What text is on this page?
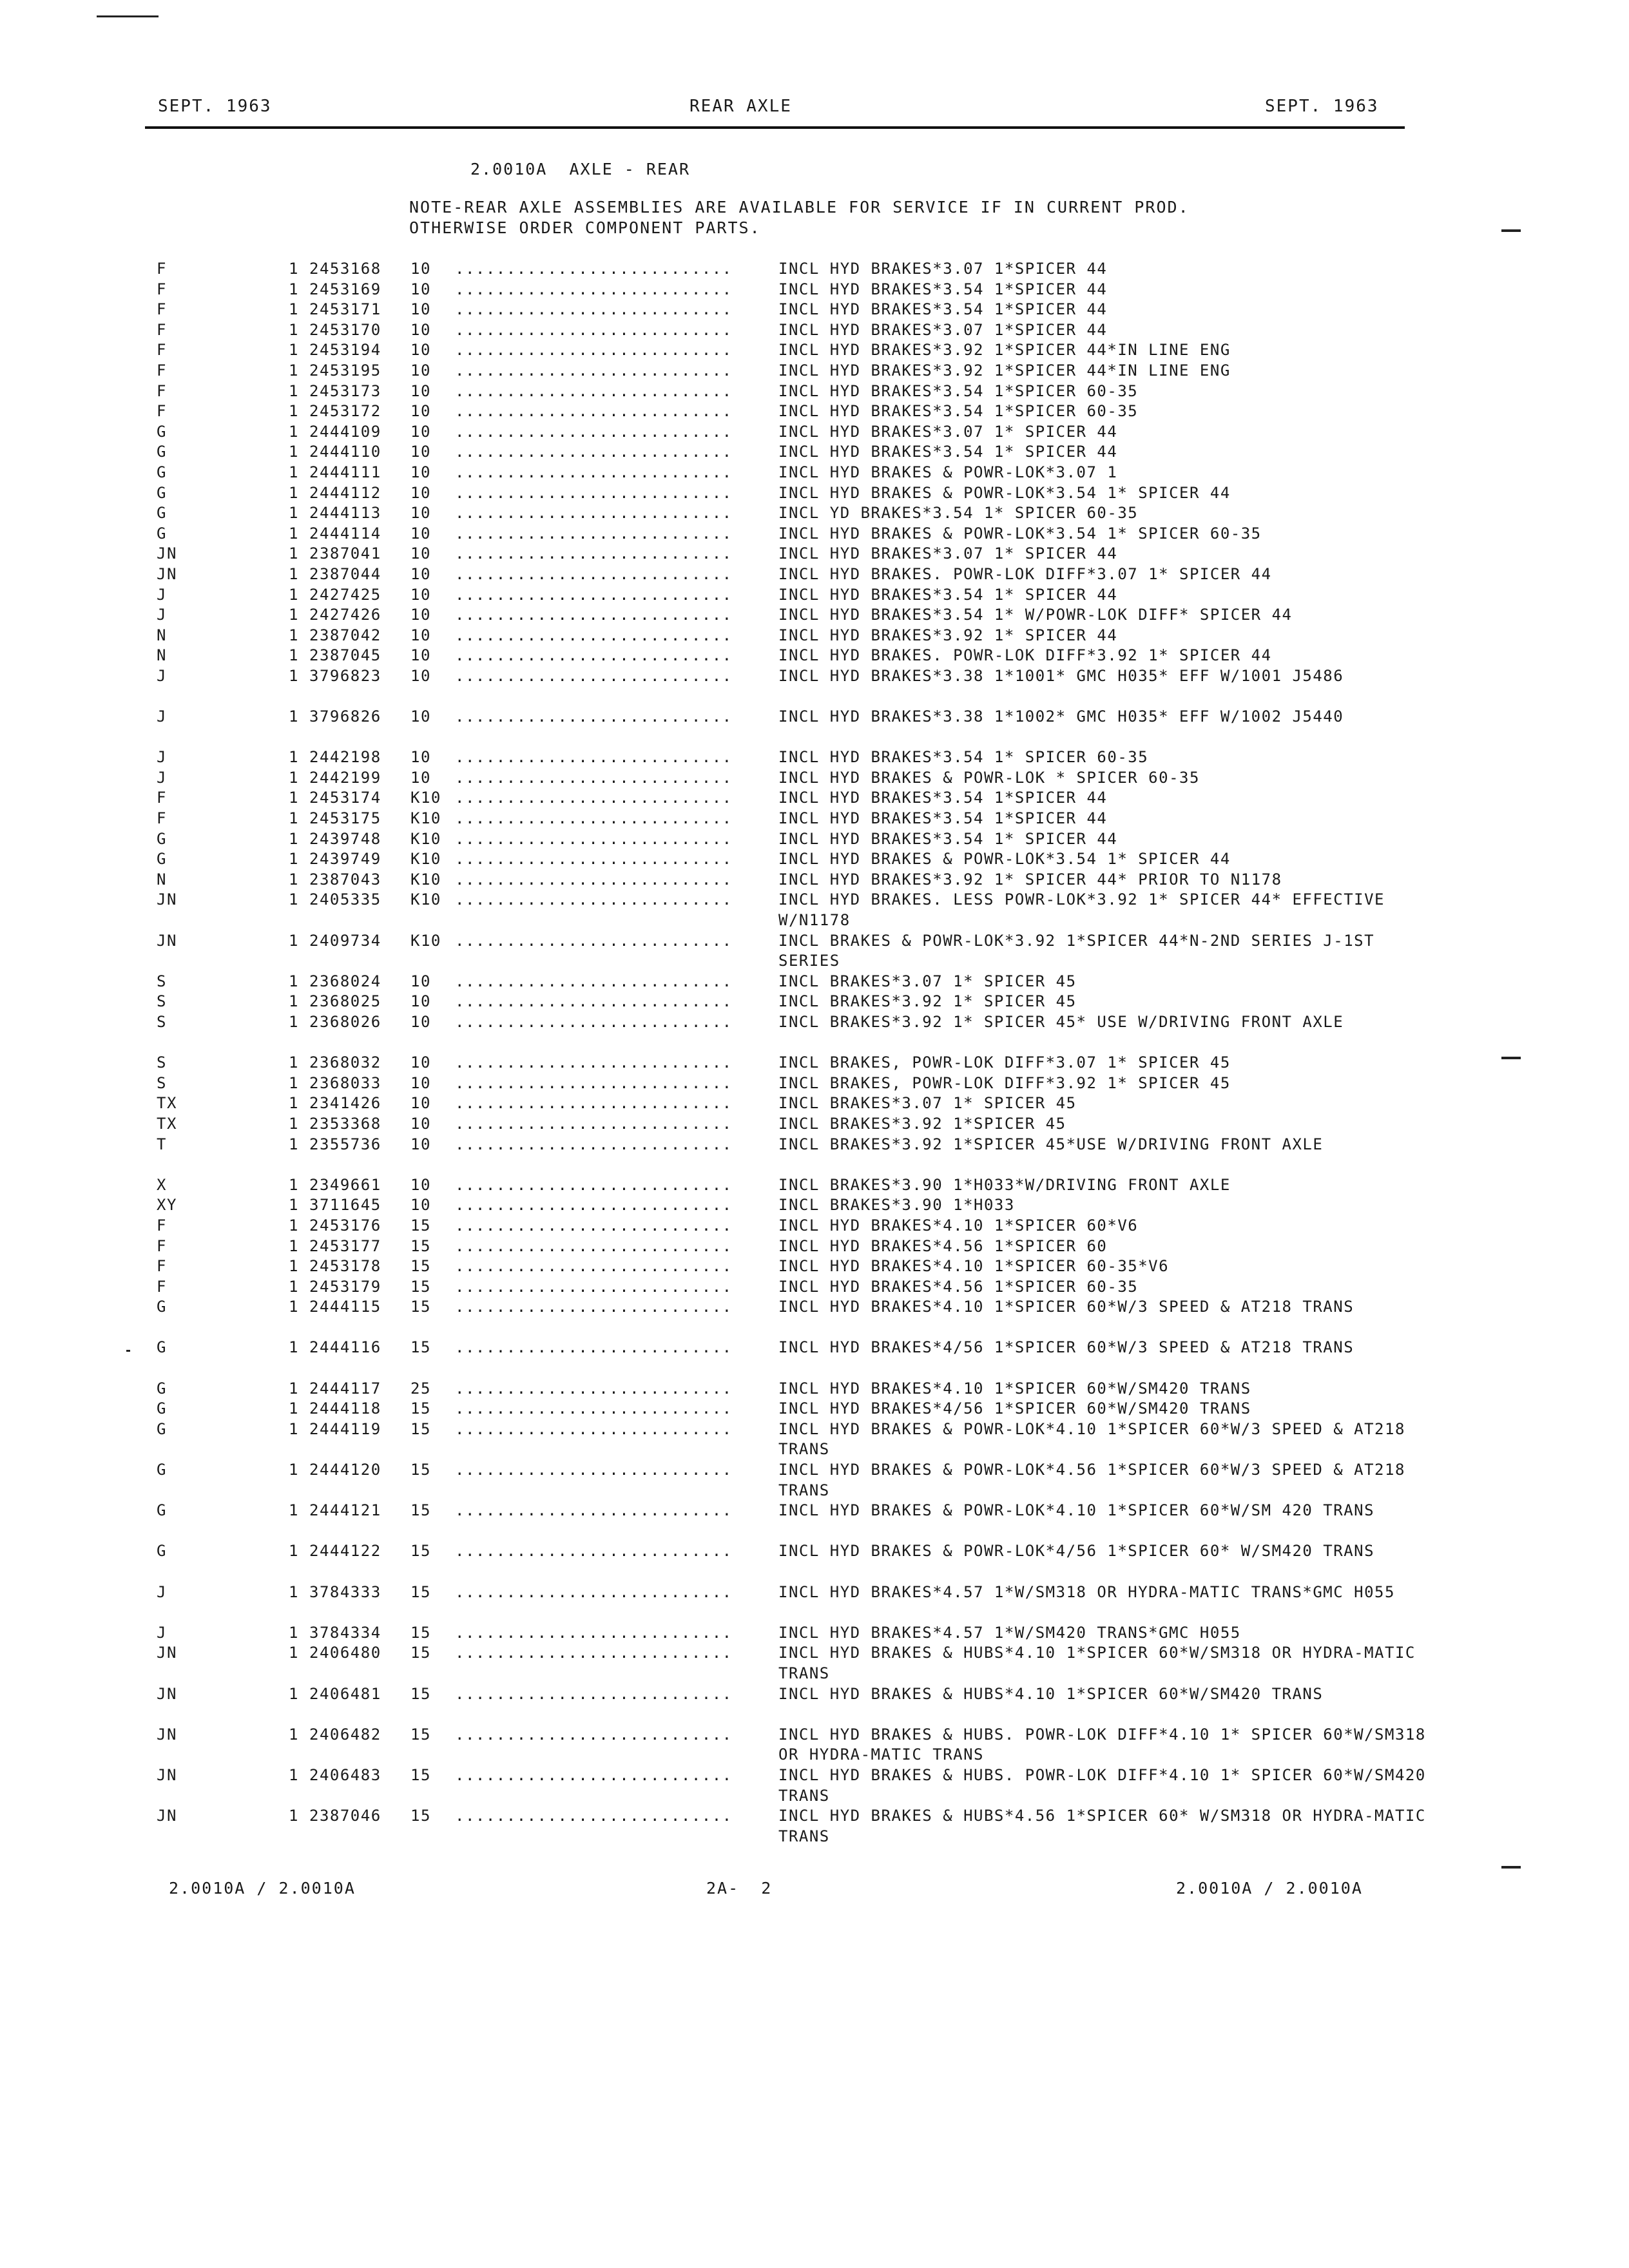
SEPT. 1963	REAR AXLE	SEPT. 1963
2.0010A  AXLE - REAR
NOTE-REAR AXLE ASSEMBLIES ARE AVAILABLE FOR SERVICE IF IN CURRENT PROD.
OTHERWISE ORDER COMPONENT PARTS.
F	1 2453168 10 ...........................	INCL HYD BRAKES*3.07 1*SPICER 44
F	1 2453169 10 ...........................	INCL HYD BRAKES*3.54 1*SPICER 44
F	1 2453171 10 ...........................	INCL HYD BRAKES*3.54 1*SPICER 44
F	1 2453170 10 ...........................	INCL HYD BRAKES*3.07 1*SPICER 44
F	1 2453194 10 ...........................	INCL HYD BRAKES*3.92 1*SPICER 44*IN LINE ENG
F	1 2453195 10 ...........................	INCL HYD BRAKES*3.92 1*SPICER 44*IN LINE ENG
F	1 2453173 10 ...........................	INCL HYD BRAKES*3.54 1*SPICER 60-35
F	1 2453172 10 ...........................	INCL HYD BRAKES*3.54 1*SPICER 60-35
G	1 2444109 10 ...........................	INCL HYD BRAKES*3.07 1* SPICER 44
G	1 2444110 10 ...........................	INCL HYD BRAKES*3.54 1* SPICER 44
G	1 2444111 10 ...........................	INCL HYD BRAKES & POWR-LOK*3.07 1
G	1 2444112 10 ...........................	INCL HYD BRAKES & POWR-LOK*3.54 1* SPICER 44
G	1 2444113 10 ...........................	INCL YD BRAKES*3.54 1* SPICER 60-35
G	1 2444114 10 ...........................	INCL HYD BRAKES & POWR-LOK*3.54 1* SPICER 60-35
JN	1 2387041 10 ...........................	INCL HYD BRAKES*3.07 1* SPICER 44
JN	1 2387044 10 ...........................	INCL HYD BRAKES. POWR-LOK DIFF*3.07 1* SPICER 44
J	1 2427425 10 ...........................	INCL HYD BRAKES*3.54 1* SPICER 44
J	1 2427426 10 ...........................	INCL HYD BRAKES*3.54 1* W/POWR-LOK DIFF* SPICER 44
N	1 2387042 10 ...........................	INCL HYD BRAKES*3.92 1* SPICER 44
N	1 2387045 10 ...........................	INCL HYD BRAKES. POWR-LOK DIFF*3.92 1* SPICER 44
J	1 3796823 10 ...........................	INCL HYD BRAKES*3.38 1*1001* GMC H035* EFF W/1001 J5486
J	1 3796826 10 ...........................	INCL HYD BRAKES*3.38 1*1002* GMC H035* EFF W/1002 J5440
J	1 2442198 10 ...........................	INCL HYD BRAKES*3.54 1* SPICER 60-35
J	1 2442199 10 ...........................	INCL HYD BRAKES & POWR-LOK * SPICER 60-35
F	1 2453174 K10 ...........................	INCL HYD BRAKES*3.54 1*SPICER 44
F	1 2453175 K10 ...........................	INCL HYD BRAKES*3.54 1*SPICER 44
G	1 2439748 K10 ...........................	INCL HYD BRAKES*3.54 1* SPICER 44
G	1 2439749 K10 ...........................	INCL HYD BRAKES & POWR-LOK*3.54 1* SPICER 44
N	1 2387043 K10 ...........................	INCL HYD BRAKES*3.92 1* SPICER 44* PRIOR TO N1178
JN	1 2405335 K10 ...........................	INCL HYD BRAKES. LESS POWR-LOK*3.92 1* SPICER 44* EFFECTIVE W/N1178
JN	1 2409734 K10 ...........................	INCL BRAKES & POWR-LOK*3.92 1*SPICER 44*N-2ND SERIES J-1ST SERIES
S	1 2368024 10 ...........................	INCL BRAKES*3.07 1* SPICER 45
S	1 2368025 10 ...........................	INCL BRAKES*3.92 1* SPICER 45
S	1 2368026 10 ...........................	INCL BRAKES*3.92 1* SPICER 45* USE W/DRIVING FRONT AXLE
S	1 2368032 10 ...........................	INCL BRAKES, POWR-LOK DIFF*3.07 1* SPICER 45
S	1 2368033 10 ...........................	INCL BRAKES, POWR-LOK DIFF*3.92 1* SPICER 45
TX	1 2341426 10 ...........................	INCL BRAKES*3.07 1* SPICER 45
TX	1 2353368 10 ...........................	INCL BRAKES*3.92 1*SPICER 45
T	1 2355736 10 ...........................	INCL BRAKES*3.92 1*SPICER 45*USE W/DRIVING FRONT AXLE
X	1 2349661 10 ...........................	INCL BRAKES*3.90 1*H033*W/DRIVING FRONT AXLE
XY	1 3711645 10 ...........................	INCL BRAKES*3.90 1*H033
F	1 2453176 15 ...........................	INCL HYD BRAKES*4.10 1*SPICER 60*V6
F	1 2453177 15 ...........................	INCL HYD BRAKES*4.56 1*SPICER 60
F	1 2453178 15 ...........................	INCL HYD BRAKES*4.10 1*SPICER 60-35*V6
F	1 2453179 15 ...........................	INCL HYD BRAKES*4.56 1*SPICER 60-35
G	1 2444115 15 ...........................	INCL HYD BRAKES*4.10 1*SPICER 60*W/3 SPEED & AT218 TRANS
G	1 2444116 15 ...........................	INCL HYD BRAKES*4/56 1*SPICER 60*W/3 SPEED & AT218 TRANS
G	1 2444117 25 ...........................	INCL HYD BRAKES*4.10 1*SPICER 60*W/SM420 TRANS
G	1 2444118 15 ...........................	INCL HYD BRAKES*4/56 1*SPICER 60*W/SM420 TRANS
G	1 2444119 15 ...........................	INCL HYD BRAKES & POWR-LOK*4.10 1*SPICER 60*W/3 SPEED & AT218 TRANS
G	1 2444120 15 ...........................	INCL HYD BRAKES & POWR-LOK*4.56 1*SPICER 60*W/3 SPEED & AT218 TRANS
G	1 2444121 15 ...........................	INCL HYD BRAKES & POWR-LOK*4.10 1*SPICER 60*W/SM 420 TRANS
G	1 2444122 15 ...........................	INCL HYD BRAKES & POWR-LOK*4/56 1*SPICER 60* W/SM420 TRANS
J	1 3784333 15 ...........................	INCL HYD BRAKES*4.57 1*W/SM318 OR HYDRA-MATIC TRANS*GMC H055
J	1 3784334 15 ...........................	INCL HYD BRAKES*4.57 1*W/SM420 TRANS*GMC H055
JN	1 2406480 15 ...........................	INCL HYD BRAKES & HUBS*4.10 1*SPICER 60*W/SM318 OR HYDRA-MATIC TRANS
JN	1 2406481 15 ...........................	INCL HYD BRAKES & HUBS*4.10 1*SPICER 60*W/SM420 TRANS
JN	1 2406482 15 ...........................	INCL HYD BRAKES & HUBS. POWR-LOK DIFF*4.10 1* SPICER 60*W/SM318 OR HYDRA-MATIC TRANS
JN	1 2406483 15 ...........................	INCL HYD BRAKES & HUBS. POWR-LOK DIFF*4.10 1* SPICER 60*W/SM420 TRANS
JN	1 2387046 15 ...........................	INCL HYD BRAKES & HUBS*4.56 1*SPICER 60* W/SM318 OR HYDRA-MATIC TRANS
2.0010A / 2.0010A	2A-  2	2.0010A / 2.0010A
